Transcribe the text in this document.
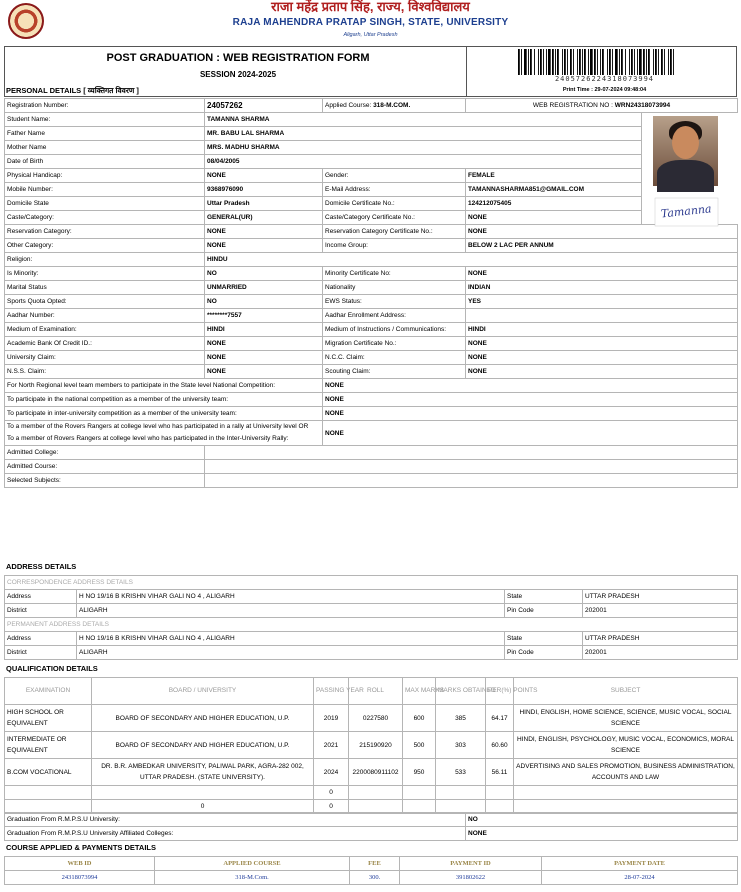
राजा महेंद्र प्रताप सिंह, राज्य, विश्वविद्यालय
RAJA MAHENDRA PRATAP SINGH, STATE, UNIVERSITY
Aligarh, Uttar Pradesh
POST GRADUATION : WEB REGISTRATION FORM
SESSION 2024-2025	2405726224318073994
Print Time : 29-07-2024 09:48:04
PERSONAL DETAILS [ व्यक्तिगत विवरण ]
Registration Number:	24057262	Applied Course: 318-M.COM.	WEB REGISTRATION NO : WRN24318073994	
Student Name:	TAMANNA SHARMA			
Father Name	MR. BABU LAL SHARMA			
Mother Name	MRS. MADHU SHARMA			
Date of Birth	08/04/2005			
Physical Handicap:	NONE	Gender:	FEMALE	
Mobile Number:	9368976090	E-Mail Address:	TAMANNASHARMA851@GMAIL.COM	
Domicile State	Uttar Pradesh	Domicile Certificate No.:	124212075405	
Caste/Category:	GENERAL(UR)	Caste/Category Certificate No.:	NONE	
Reservation Category:	NONE	Reservation Category Certificate No.:	NONE	
Other Category:	NONE	Income Group:	BELOW 2 LAC PER ANNUM	
Religion:	HINDU			
Is Minority:	NO	Minority Certificate No:	NONE	
Marital Status	UNMARRIED	Nationality	INDIAN	
Sports Quota Opted:	NO	EWS Status:	YES	
Aadhar Number:	********7557	Aadhar Enrollment Address:		
Medium of Examination:	HINDI	Medium of Instructions / Communications:	HINDI	
Academic Bank Of Credit ID.:	NONE	Migration Certificate No.:	NONE	
University Claim:	NONE	N.C.C. Claim:	NONE	
N.S.S. Claim:	NONE	Scouting Claim:	NONE	
For North Regional level team members to participate in the State level National Competition:		NONE		
To participate in the national competition as a member of the university team:		NONE		
To participate in inter-university competition as a member of the university team:		NONE		
To a member of the Rovers Rangers at college level who has participated in a rally at University level OR
To a member of Rovers Rangers at college level who has participated in the Inter-University Rally:		NONE		
Admitted College:				
Admitted Course:				
Selected Subjects:				
Tamanna
ADDRESS DETAILS
CORRESPONDENCE ADDRESS DETAILS			
Address	H NO 19/16 B KRISHN VIHAR GALI NO 4 , ALIGARH	State	UTTAR PRADESH
District	ALIGARH	Pin Code	202001
PERMANENT ADDRESS DETAILS			
Address	H NO 19/16 B KRISHN VIHAR GALI NO 4 , ALIGARH	State	UTTAR PRADESH
District	ALIGARH	Pin Code	202001
QUALIFICATION DETAILS
EXAMINATION	BOARD / UNIVERSITY	PASSING YEAR	ROLL	MAX MARKS	MARKS OBTAINED	PER(%) POINTS	SUBJECT
HIGH SCHOOL OR EQUIVALENT	BOARD OF SECONDARY AND HIGHER EDUCATION, U.P.	2019	0227580	600	385	64.17	HINDI, ENGLISH, HOME SCIENCE, SCIENCE, MUSIC VOCAL, SOCIAL SCIENCE
INTERMEDIATE OR EQUIVALENT	BOARD OF SECONDARY AND HIGHER EDUCATION, U.P.	2021	215190920	500	303	60.60	HINDI, ENGLISH, PSYCHOLOGY, MUSIC VOCAL, ECONOMICS, MORAL SCIENCE
B.COM VOCATIONAL	DR. B.R. AMBEDKAR UNIVERSITY, PALIWAL PARK, AGRA-282 002, UTTAR PRADESH. (STATE UNIVERSITY).	2024	2200080911102	950	533	56.11	ADVERTISING AND SALES PROMOTION, BUSINESS ADMINISTRATION, ACCOUNTS AND LAW
		0					
	0	0					
Graduation From R.M.P.S.U University:	NO
Graduation From R.M.P.S.U University Affiliated Colleges:	NONE
COURSE APPLIED & PAYMENTS DETAILS
WEB ID	APPLIED COURSE	FEE	PAYMENT ID	PAYMENT DATE
24318073994	318-M.Com.	300.	391802622	28-07-2024
